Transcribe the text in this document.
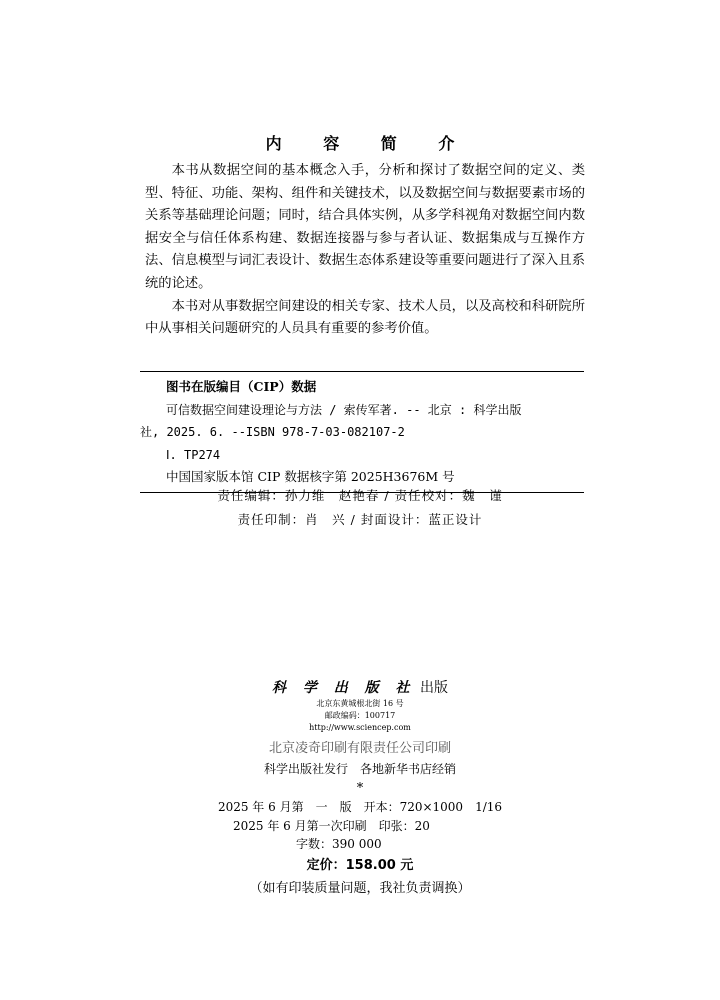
内 容 简 介

本书从数据空间的基本概念入手，分析和探讨了数据空间的定义、类型、特征、功能、架构、组件和关键技术，以及数据空间与数据要素市场的关系等基础理论问题；同时，结合具体实例，从多学科视角对数据空间内数据安全与信任体系构建、数据连接器与参与者认证、数据集成与互操作方法、信息模型与词汇表设计、数据生态体系建设等重要问题进行了深入且系统的论述。

本书对从事数据空间建设的相关专家、技术人员，以及高校和科研院所中从事相关问题研究的人员具有重要的参考价值。

图书在版编目（CIP）数据
可信数据空间建设理论与方法 / 索传军著. -- 北京 : 科学出版
社, 2025. 6. --ISBN 978-7-03-082107-2
Ⅰ. TP274
中国国家版本馆 CIP 数据核字第 2025H3676M 号
责任编辑：孙力维　赵艳春 / 责任校对：魏　谨
责任印制：肖　兴 / 封面设计：蓝正设计
科 学 出 版 社 出版
北京东黄城根北街 16 号
邮政编码：100717
http://www.sciencep.com
北京凌奇印刷有限责任公司印刷
科学出版社发行　各地新华书店经销
*
2025 年 6 月第　一　版　开本：720×1000　1/16
2025 年 6 月第一次印刷　印张：20
字数：390 000
定价：158.00 元
（如有印装质量问题，我社负责调换）
